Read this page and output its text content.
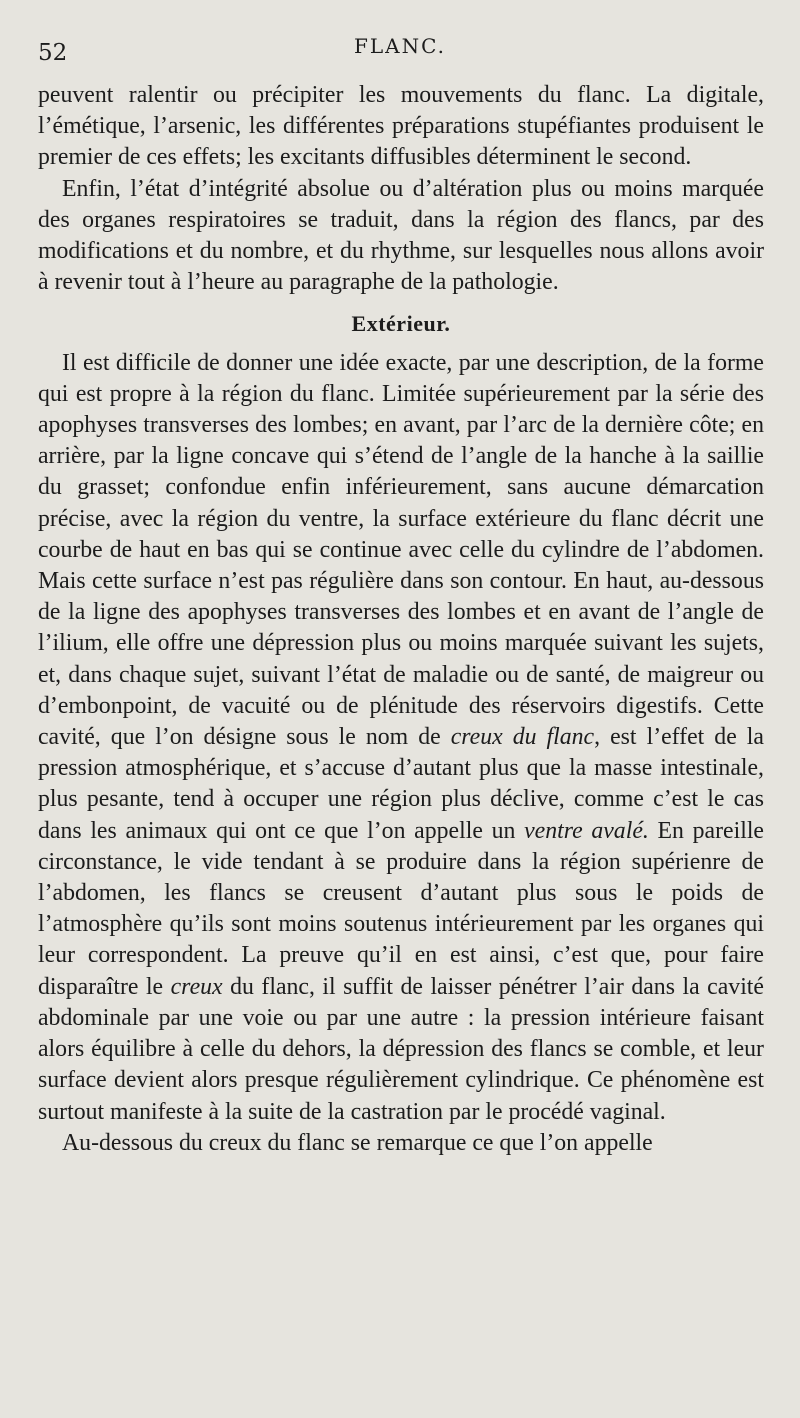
52	FLANC.

peuvent ralentir ou précipiter les mouvements du flanc. La digitale, l’émétique, l’arsenic, les différentes préparations stupéfiantes produisent le premier de ces effets; les excitants diffusibles déterminent le second.

Enfin, l’état d’intégrité absolue ou d’altération plus ou moins marquée des organes respiratoires se traduit, dans la région des flancs, par des modifications et du nombre, et du rhythme, sur lesquelles nous allons avoir à revenir tout à l’heure au paragraphe de la pathologie.

Extérieur.

Il est difficile de donner une idée exacte, par une description, de la forme qui est propre à la région du flanc. Limitée supérieurement par la série des apophyses transverses des lombes; en avant, par l’arc de la dernière côte; en arrière, par la ligne concave qui s’étend de l’angle de la hanche à la saillie du grasset; confondue enfin inférieurement, sans aucune démarcation précise, avec la région du ventre, la surface extérieure du flanc décrit une courbe de haut en bas qui se continue avec celle du cylindre de l’abdomen. Mais cette surface n’est pas régulière dans son contour. En haut, au-dessous de la ligne des apophyses transverses des lombes et en avant de l’angle de l’ilium, elle offre une dépression plus ou moins marquée suivant les sujets, et, dans chaque sujet, suivant l’état de maladie ou de santé, de maigreur ou d’embonpoint, de vacuité ou de plénitude des réservoirs digestifs. Cette cavité, que l’on désigne sous le nom de creux du flanc, est l’effet de la pression atmosphérique, et s’accuse d’autant plus que la masse intestinale, plus pesante, tend à occuper une région plus déclive, comme c’est le cas dans les animaux qui ont ce que l’on appelle un ventre avalé. En pareille circonstance, le vide tendant à se produire dans la région supérienre de l’abdomen, les flancs se creusent d’autant plus sous le poids de l’atmosphère qu’ils sont moins soutenus intérieurement par les organes qui leur correspondent. La preuve qu’il en est ainsi, c’est que, pour faire disparaître le creux du flanc, il suffit de laisser pénétrer l’air dans la cavité abdominale par une voie ou par une autre : la pression intérieure faisant alors équilibre à celle du dehors, la dépression des flancs se comble, et leur surface devient alors presque régulièrement cylindrique. Ce phénomène est surtout manifeste à la suite de la castration par le procédé vaginal.

Au-dessous du creux du flanc se remarque ce que l’on appelle
